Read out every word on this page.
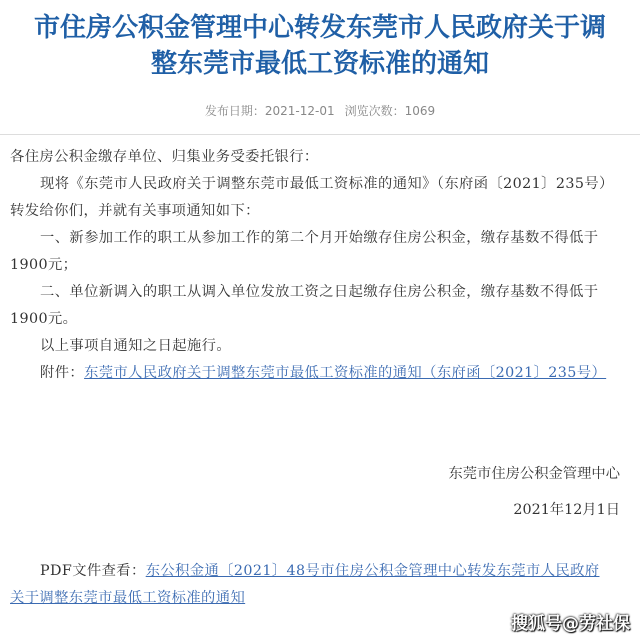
市住房公积金管理中心转发东莞市人民政府关于调
整东莞市最低工资标准的通知
发布日期：2021-12-01 浏览次数：1069

各住房公积金缴存单位、归集业务受委托银行：

现将《东莞市人民政府关于调整东莞市最低工资标准的通知》（东府函〔2021〕235号）转发给你们，并就有关事项通知如下：

一、新参加工作的职工从参加工作的第二个月开始缴存住房公积金，缴存基数不得低于1900元；

二、单位新调入的职工从调入单位发放工资之日起缴存住房公积金，缴存基数不得低于1900元。

以上事项自通知之日起施行。

附件：东莞市人民政府关于调整东莞市最低工资标准的通知（东府函〔2021〕235号）

东莞市住房公积金管理中心
2021年12月1日

PDF文件查看：东公积金通〔2021〕48号市住房公积金管理中心转发东莞市人民政府关于调整东莞市最低工资标准的通知

搜狐号@劳社保
